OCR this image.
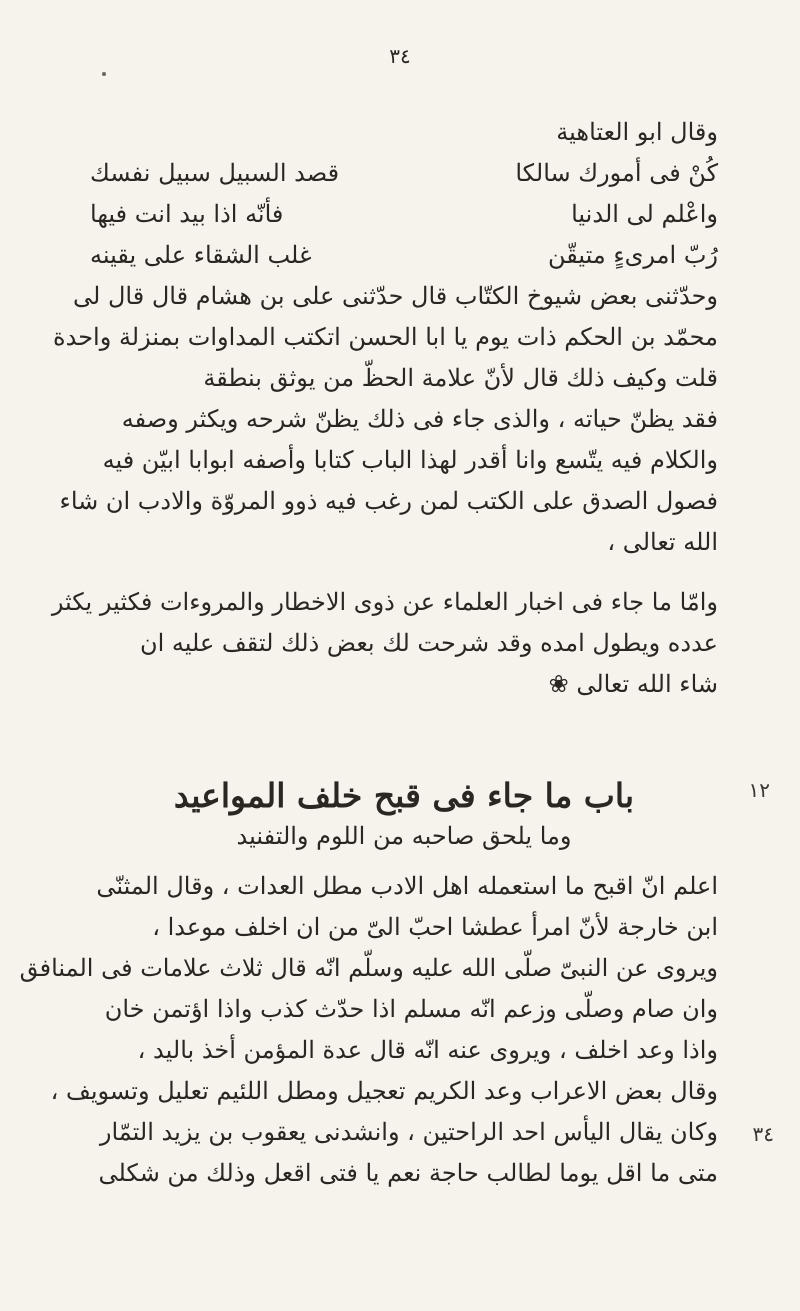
٣٤
وقال ابو العتاهية
كُنْ فى أمورك سالكا
قصد السبيل سبيل نفسك
واعْلم لى الدنيا
فأنّه اذا بيد انت فيها
رُبّ امرىءٍ متيقّن
غلب الشقاء على يقينه
وحدّثنى بعض شيوخ الكتّاب قال حدّثنى على بن هشام قال قال لى
محمّد بن الحكم ذات يوم يا ابا الحسن اتكتب المداوات بمنزلة واحدة
قلت وكيف ذلك قال لأنّ علامة الحظّ من يوثق بنطقة
فقد يظنّ حياته ، والذى جاء فى ذلك يظنّ شرحه ويكثر وصفه
والكلام فيه يتّسع وانا أقدر لهذا الباب كتابا وأصفه ابوابا ابيّن فيه
فصول الصدق على الكتب لمن رغب فيه ذوو المروّة والادب ان شاء
الله تعالى ،
وامّا ما جاء فى اخبار العلماء عن ذوى الاخطار والمروءات فكثير يكثر
عدده ويطول امده وقد شرحت لك بعض ذلك لتقف عليه ان
شاء الله تعالى ❀
١٢
باب ما جاء فى قبح خلف المواعيد
وما يلحق صاحبه من اللوم والتفنيد
اعلم انّ اقبح ما استعمله اهل الادب مطل العدات ، وقال المثنّى
ابن خارجة لأنّ امرأ عطشا احبّ الىّ من ان اخلف موعدا ،
ويروى عن النبىّ صلّى الله عليه وسلّم انّه قال ثلاث علامات فى المنافق
وان صام وصلّى وزعم انّه مسلم اذا حدّث كذب واذا اؤتمن خان
واذا وعد اخلف ، ويروى عنه انّه قال عدة المؤمن أخذ باليد ،
وقال بعض الاعراب وعد الكريم تعجيل ومطل اللئيم تعليل وتسويف ،
وكان يقال اليأس احد الراحتين ، وانشدنى يعقوب بن يزيد التمّار
متى ما اقل يوما لطالب حاجة نعم يا فتى اقعل وذلك من شكلى
٣٤
